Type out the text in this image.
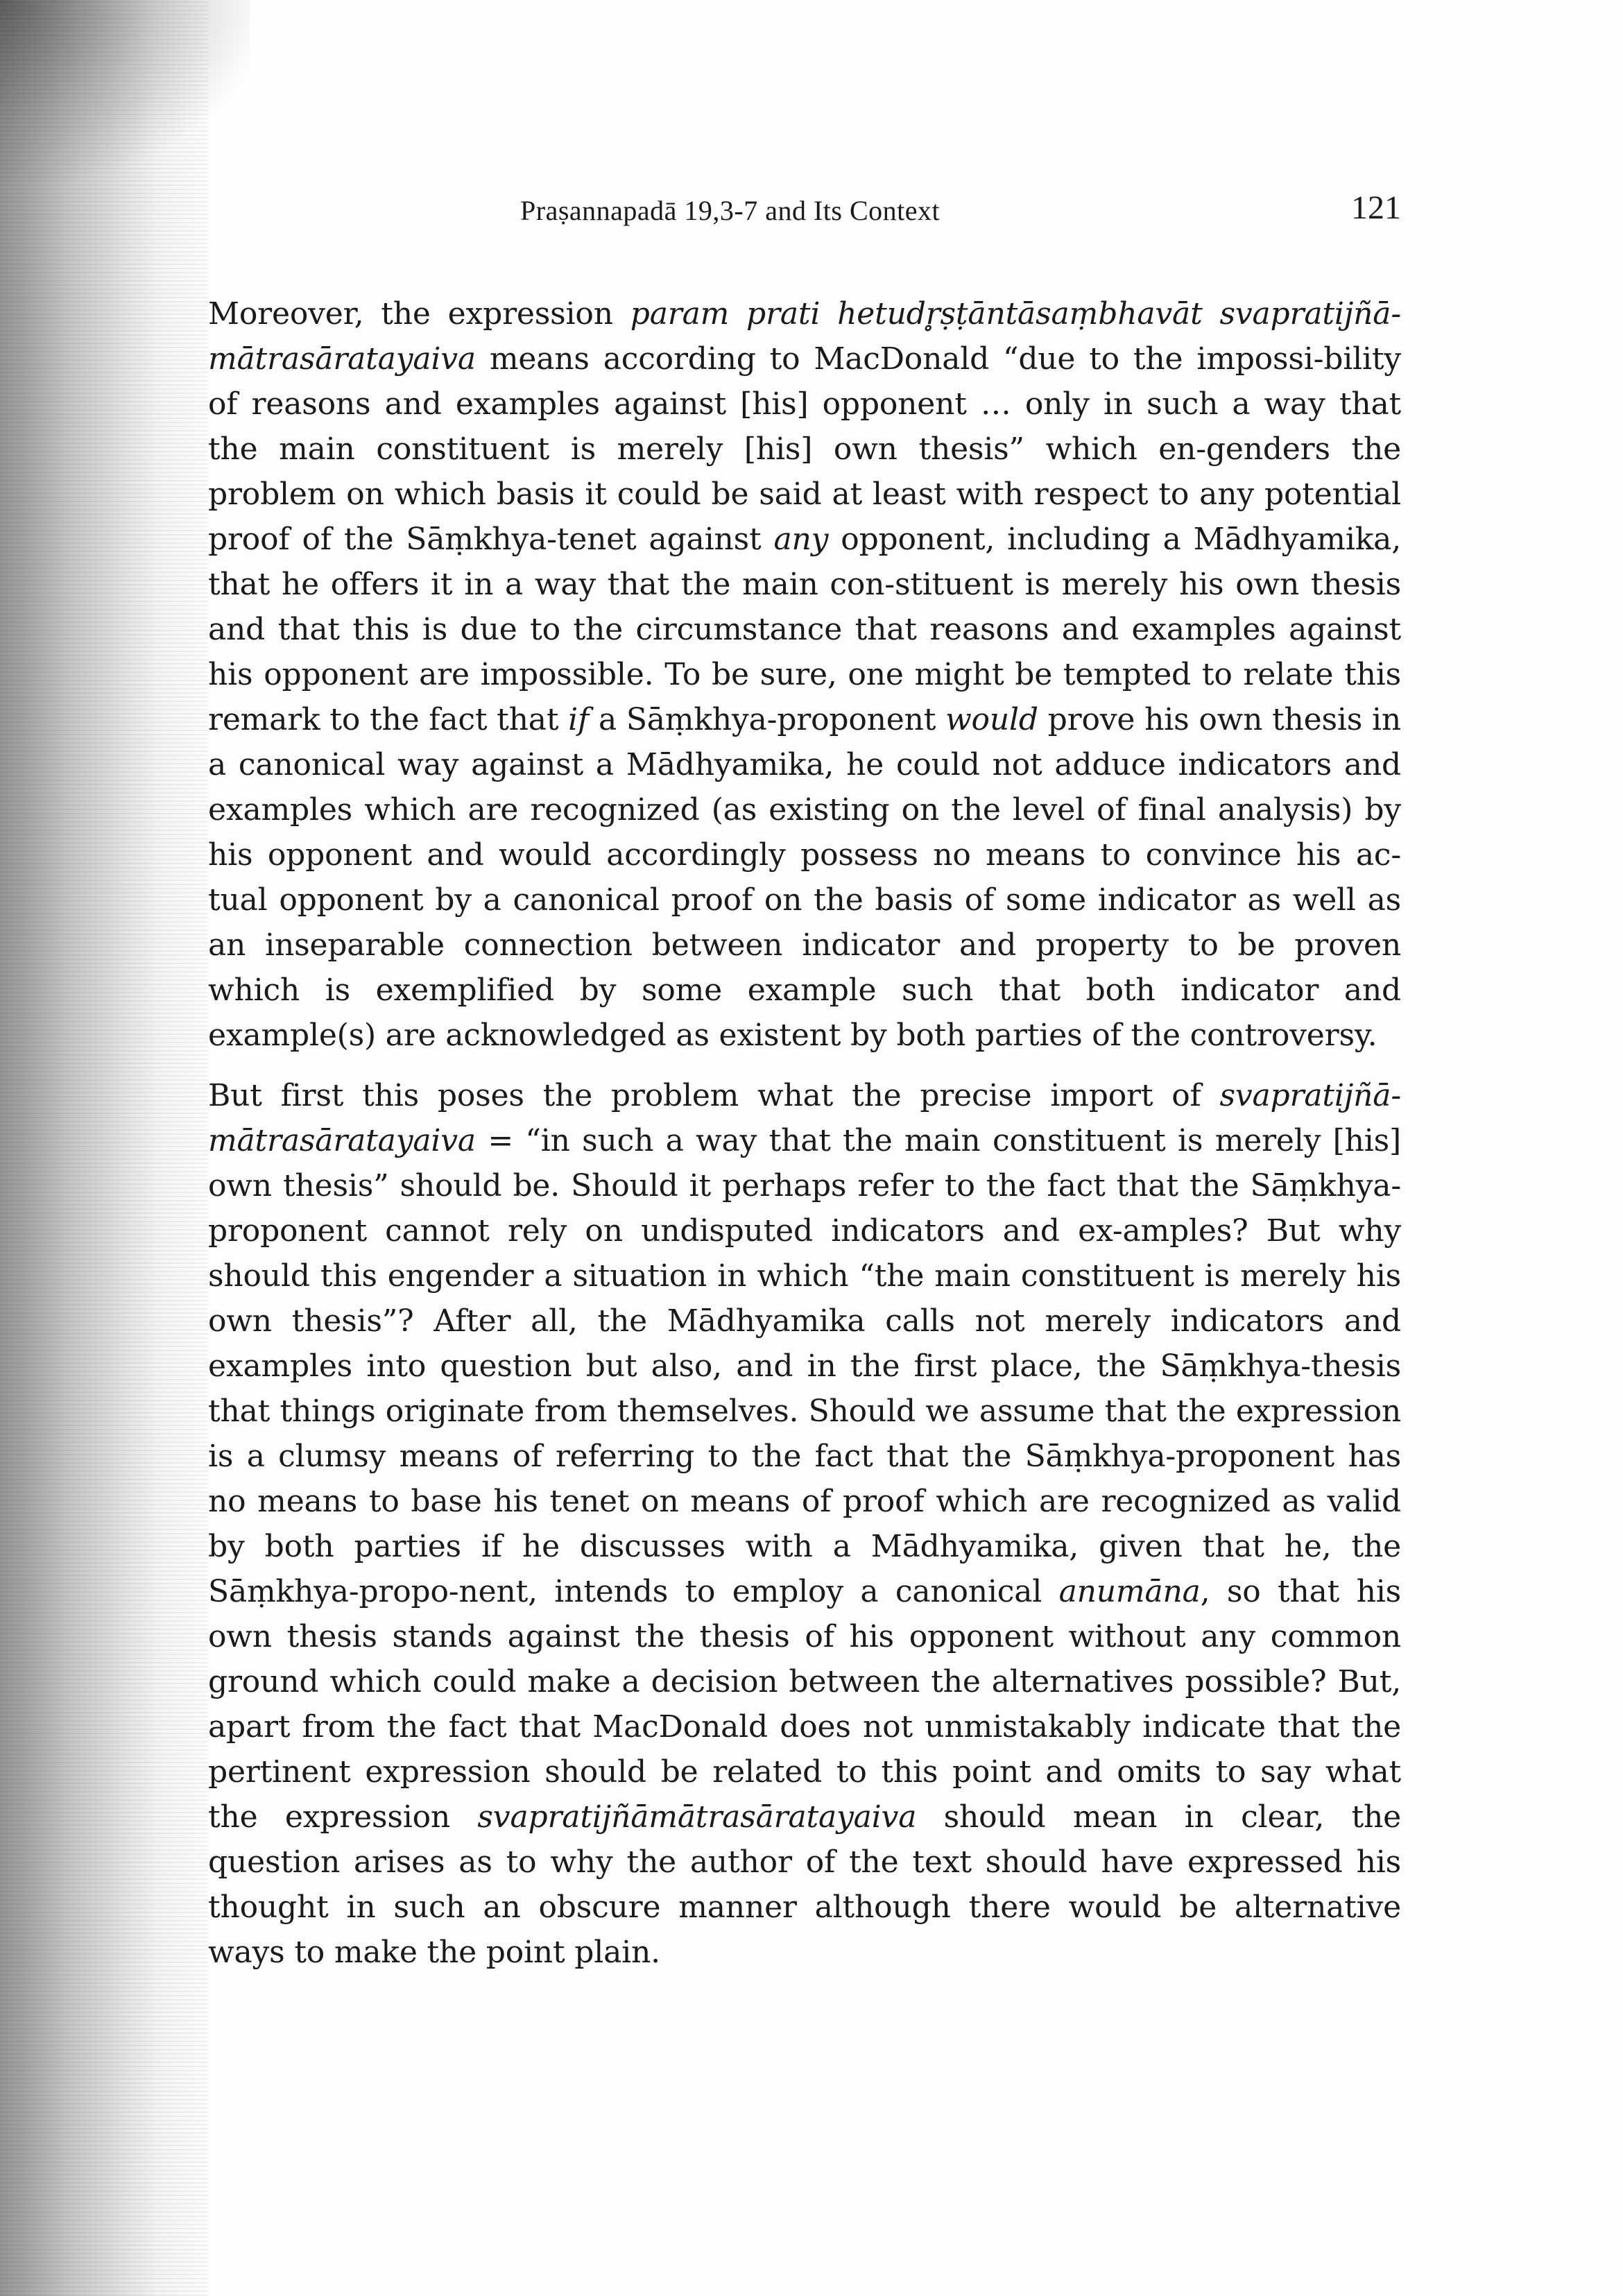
Praṣannapadā 19,3-7 and Its Context	121

Moreover, the expression param prati hetudr̥ṣṭāntāsaṃbhavāt svapratijñā-mātrasāratayaiva means according to MacDonald “due to the impossi-bility of reasons and examples against [his] opponent … only in such a way that the main constituent is merely [his] own thesis” which en-genders the problem on which basis it could be said at least with respect to any potential proof of the Sāṃkhya-tenet against any opponent, including a Mādhyamika, that he offers it in a way that the main con-stituent is merely his own thesis and that this is due to the circumstance that reasons and examples against his opponent are impossible. To be sure, one might be tempted to relate this remark to the fact that if a Sāṃkhya-proponent would prove his own thesis in a canonical way against a Mādhyamika, he could not adduce indicators and examples which are recognized (as existing on the level of final analysis) by his opponent and would accordingly possess no means to convince his ac-tual opponent by a canonical proof on the basis of some indicator as well as an inseparable connection between indicator and property to be proven which is exemplified by some example such that both indicator and example(s) are acknowledged as existent by both parties of the controversy.

But first this poses the problem what the precise import of svapratijñā-mātrasāratayaiva = “in such a way that the main constituent is merely [his] own thesis” should be. Should it perhaps refer to the fact that the Sāṃkhya-proponent cannot rely on undisputed indicators and ex-amples? But why should this engender a situation in which “the main constituent is merely his own thesis”? After all, the Mādhyamika calls not merely indicators and examples into question but also, and in the first place, the Sāṃkhya-thesis that things originate from themselves. Should we assume that the expression is a clumsy means of referring to the fact that the Sāṃkhya-proponent has no means to base his tenet on means of proof which are recognized as valid by both parties if he discusses with a Mādhyamika, given that he, the Sāṃkhya-propo-nent, intends to employ a canonical anumāna, so that his own thesis stands against the thesis of his opponent without any common ground which could make a decision between the alternatives possible? But, apart from the fact that MacDonald does not unmistakably indicate that the pertinent expression should be related to this point and omits to say what the expression svapratijñāmātrasāratayaiva should mean in clear, the question arises as to why the author of the text should have expressed his thought in such an obscure manner although there would be alternative ways to make the point plain.
